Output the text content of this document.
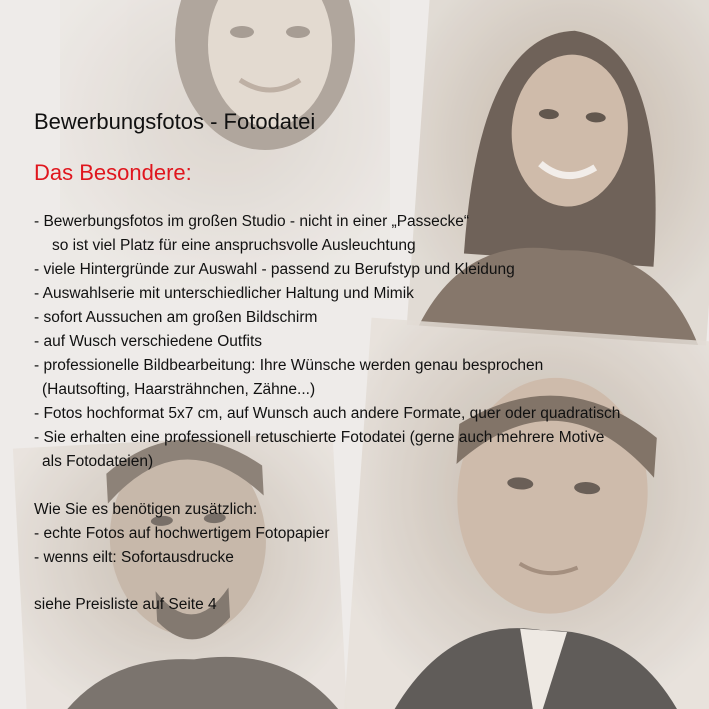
Bewerbungsfotos - Fotodatei
Das Besondere:
- Bewerbungsfotos im großen Studio - nicht in einer „Passecke“
so ist viel Platz für eine anspruchsvolle Ausleuchtung
- viele Hintergründe zur Auswahl - passend zu Berufstyp und Kleidung
- Auswahlserie mit unterschiedlicher Haltung und Mimik
- sofort Aussuchen am großen Bildschirm
- auf Wusch verschiedene Outfits
- professionelle Bildbearbeitung: Ihre Wünsche werden genau besprochen
(Hautsofting, Haarsträhnchen, Zähne...)
- Fotos hochformat 5x7 cm, auf Wunsch auch andere Formate, quer oder quadratisch
- Sie erhalten eine professionell retuschierte Fotodatei (gerne auch mehrere Motive
als Fotodateien)
Wie Sie es benötigen zusätzlich:
- echte Fotos auf hochwertigem Fotopapier
- wenns eilt: Sofortausdrucke
siehe Preisliste auf Seite 4
